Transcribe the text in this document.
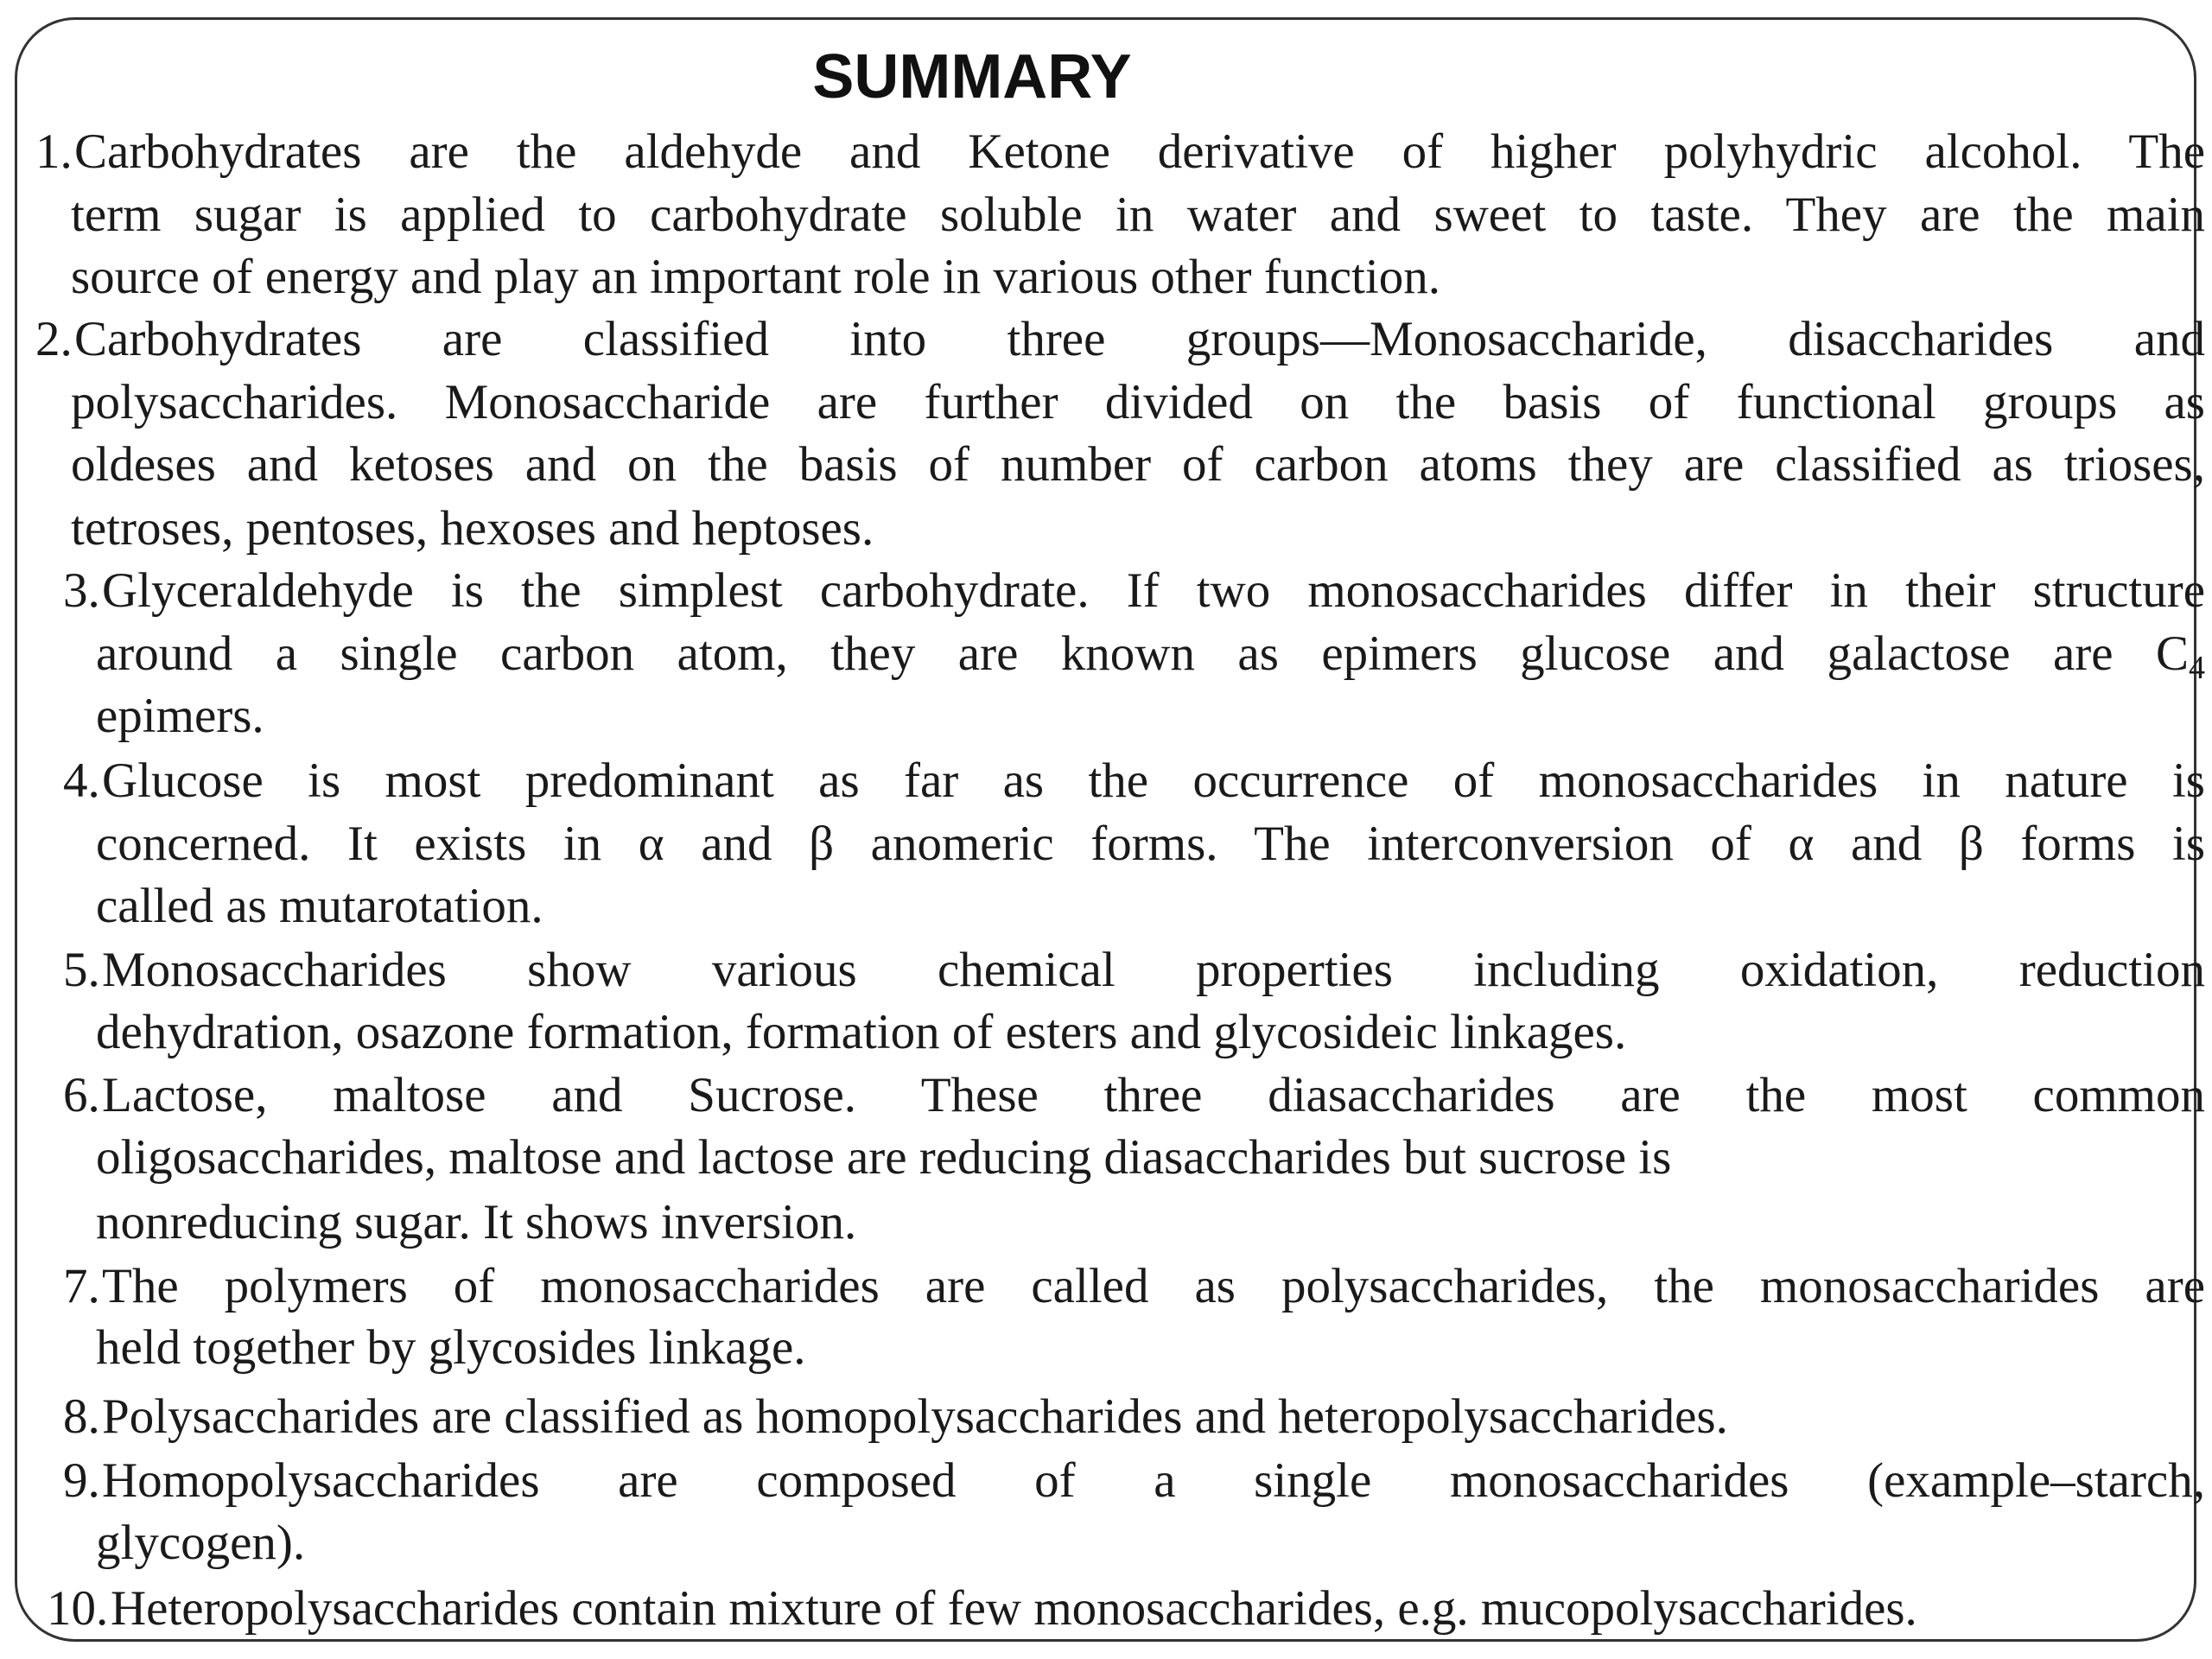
SUMMARY
1. Carbohydrates are the aldehyde and Ketone derivative of higher polyhydric alcohol. The
term sugar is applied to carbohydrate soluble in water and sweet to taste. They are the main
source of energy and play an important role in various other function.
2. Carbohydrates are classified into three groups—Monosaccharide, disaccharides and
polysaccharides. Monosaccharide are further divided on the basis of functional groups as
oldeses and ketoses and on the basis of number of carbon atoms they are classified as trioses,
tetroses, pentoses, hexoses and heptoses.
3. Glyceraldehyde is the simplest carbohydrate. If two monosaccharides differ in their structure
around a single carbon atom, they are known as epimers glucose and galactose are $C_4$
epimers.
4. Glucose is most predominant as far as the occurrence of monosaccharides in nature is
concerned. It exists in α and β anomeric forms. The interconversion of α and β forms is
called as mutarotation.
5. Monosaccharides show various chemical properties including oxidation, reduction
dehydration, osazone formation, formation of esters and glycosideic linkages.
6. Lactose, maltose and Sucrose. These three diasaccharides are the most common
oligosaccharides, maltose and lactose are reducing diasaccharides but sucrose is
nonreducing sugar. It shows inversion.
7. The polymers of monosaccharides are called as polysaccharides, the monosaccharides are
held together by glycosides linkage.
8. Polysaccharides are classified as homopolysaccharides and heteropolysaccharides.
9. Homopolysaccharides are composed of a single monosaccharides (example–starch,
glycogen).
10. Heteropolysaccharides contain mixture of few monosaccharides, e.g. mucopolysaccharides.
